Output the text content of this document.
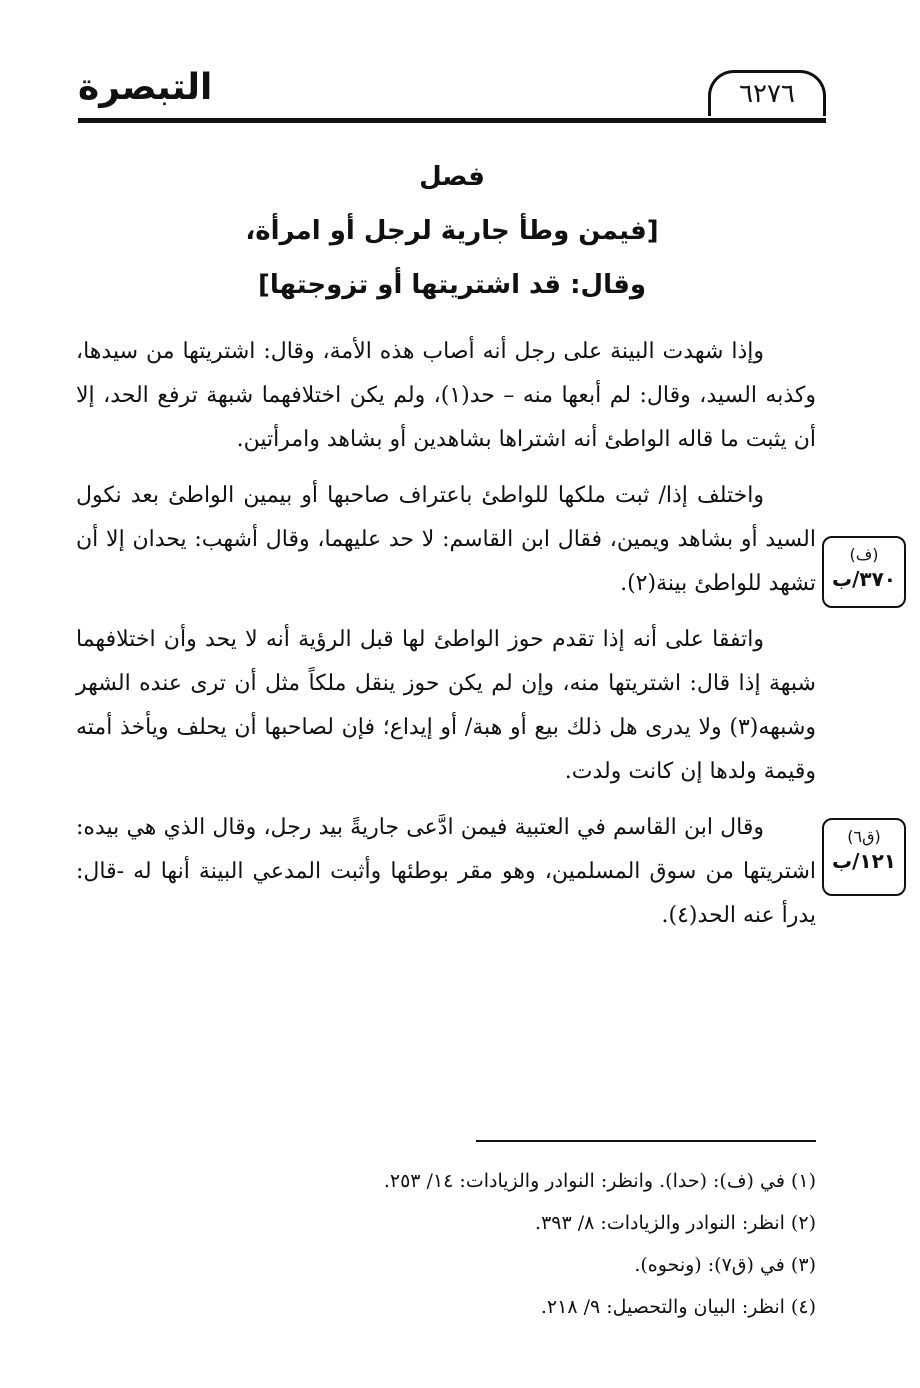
التبصرة	٦٢٧٦
فصل
[فيمن وطأ جارية لرجل أو امرأة،
وقال: قد اشتريتها أو تزوجتها]

وإذا شهدت البينة على رجل أنه أصاب هذه الأمة، وقال: اشتريتها من سيدها، وكذبه السيد، وقال: لم أبعها منه – حد(١)، ولم يكن اختلافهما شبهة ترفع الحد، إلا أن يثبت ما قاله الواطئ أنه اشتراها بشاهدين أو بشاهد وامرأتين.

واختلف إذا/ ثبت ملكها للواطئ باعتراف صاحبها أو بيمين الواطئ بعد نكول السيد أو بشاهد ويمين، فقال ابن القاسم: لا حد عليهما، وقال أشهب: يحدان إلا أن تشهد للواطئ بينة(٢).

واتفقا على أنه إذا تقدم حوز الواطئ لها قبل الرؤية أنه لا يحد وأن اختلافهما شبهة إذا قال: اشتريتها منه، وإن لم يكن حوز ينقل ملكاً مثل أن ترى عنده الشهر وشبهه(٣) ولا يدرى هل ذلك بيع أو هبة/ أو إيداع؛ فإن لصاحبها أن يحلف ويأخذ أمته وقيمة ولدها إن كانت ولدت.

وقال ابن القاسم في العتبية فيمن ادَّعى جاريةً بيد رجل، وقال الذي هي بيده: اشتريتها من سوق المسلمين، وهو مقر بوطئها وأثبت المدعي البينة أنها له -قال: يدرأ عنه الحد(٤).

(ف)
٣٧٠/ب
(ق٦)
١٢١/ب

(١) في (ف): (حدا). وانظر: النوادر والزيادات: ١٤/ ٢٥٣.

(٢) انظر: النوادر والزيادات: ٨/ ٣٩٣.

(٣) في (ق٧): (ونحوه).

(٤) انظر: البيان والتحصيل: ٩/ ٢١٨.
